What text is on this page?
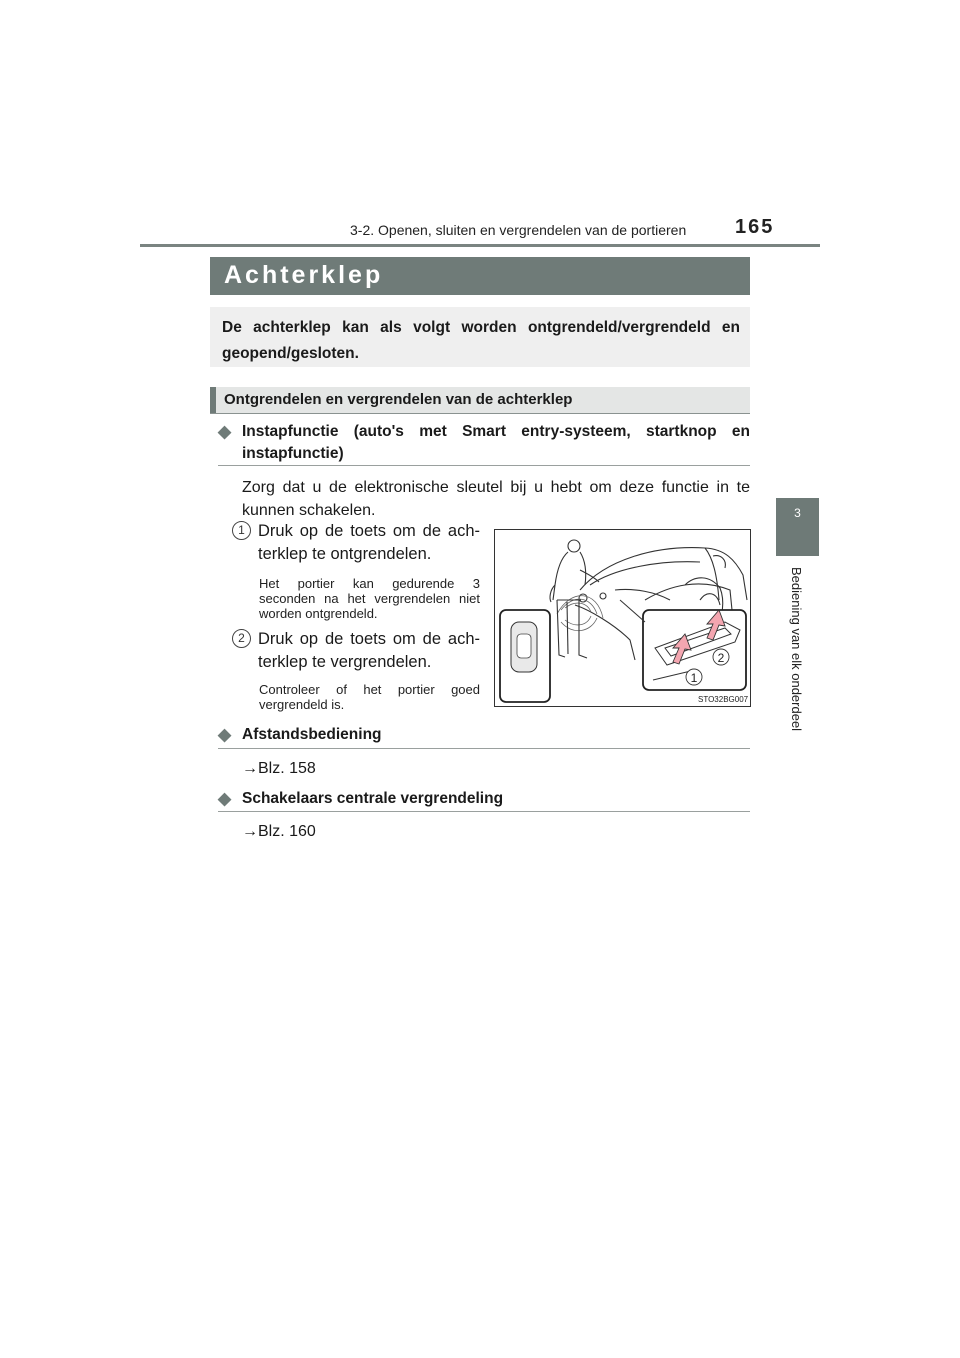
3-2. Openen, sluiten en vergrendelen van de portieren 165
3
Bediening van elk onderdeel
Achterklep
De achterklep kan als volgt worden ontgrendeld/vergrendeld en geopend/gesloten.
Ontgrendelen en vergrendelen van de achterklep
◆ Instapfunctie (auto's met Smart entry-systeem, startknop en instapfunctie)
Zorg dat u de elektronische sleutel bij u hebt om deze functie in te kunnen schakelen.
1 Druk op de toets om de ach-
terklep te ontgrendelen.
Het portier kan gedurende 3 seconden na het vergrendelen niet worden ontgrendeld.
2 Druk op de toets om de ach-
terklep te vergrendelen.
Controleer of het portier goed vergrendeld is.
1
2
STO32BG007
◆ Afstandsbediening
→Blz. 158
◆ Schakelaars centrale vergrendeling
→Blz. 160
